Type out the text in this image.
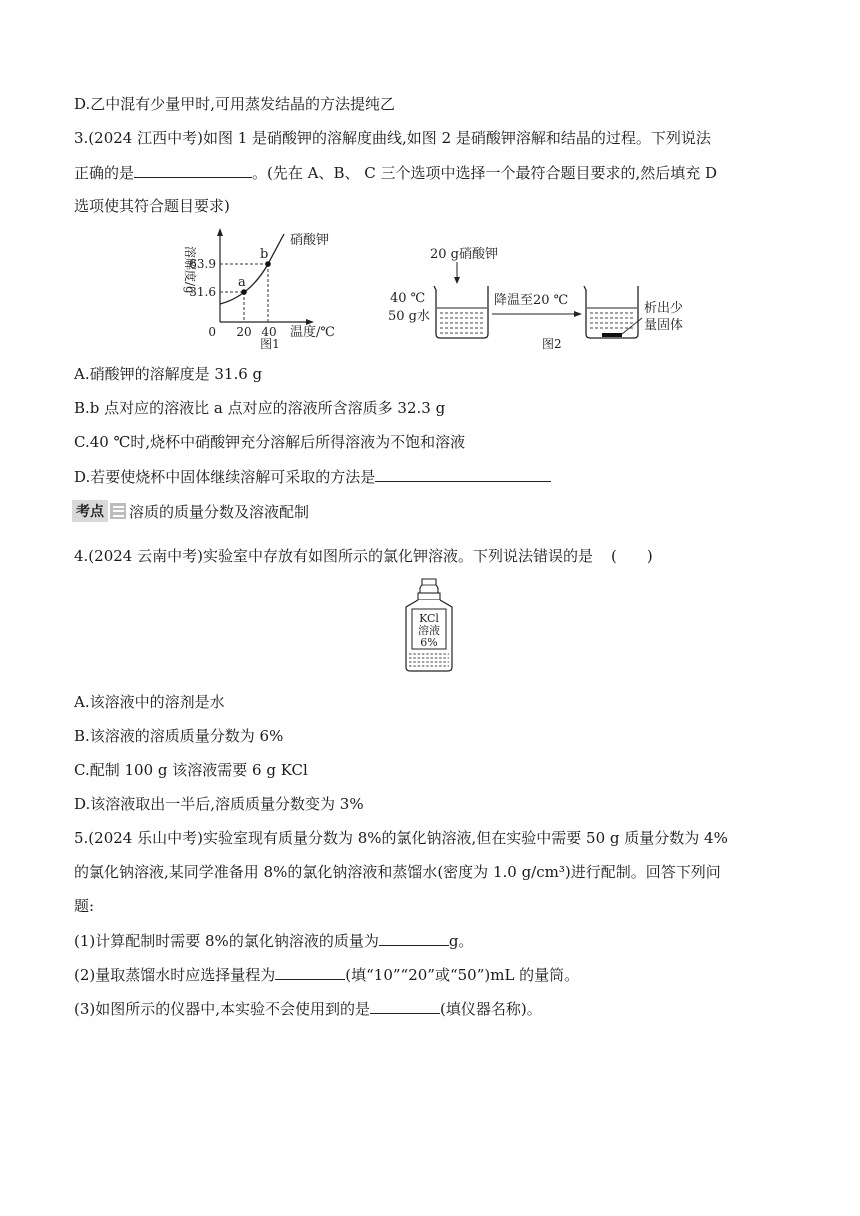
D.乙中混有少量甲时,可用蒸发结晶的方法提纯乙
3.(2024 江西中考)如图 1 是硝酸钾的溶解度曲线,如图 2 是硝酸钾溶解和结晶的过程。下列说法
正确的是	。(先在 A、B、 C 三个选项中选择一个最符合题目要求的,然后填充 D
选项使其符合题目要求)
a
b
硝酸钾
63.9
31.6
0 20 40 温度/℃
溶解度/g
图1
20 g硝酸钾
40 ℃
50 g水
降温至20 ℃
析出少
量固体
图2
A.硝酸钾的溶解度是 31.6 g
B.b 点对应的溶液比 a 点对应的溶液所含溶质多 32.3 g
C.40 ℃时,烧杯中硝酸钾充分溶解后所得溶液为不饱和溶液
D.若要使烧杯中固体继续溶解可采取的方法是
考点 溶质的质量分数及溶液配制
4.(2024 云南中考)实验室中存放有如图所示的氯化钾溶液。下列说法错误的是 (　　)
KCl
溶液
6%
A.该溶液中的溶剂是水
B.该溶液的溶质质量分数为 6%
C.配制 100 g 该溶液需要 6 g KCl
D.该溶液取出一半后,溶质质量分数变为 3%
5.(2024 乐山中考)实验室现有质量分数为 8%的氯化钠溶液,但在实验中需要 50 g 质量分数为 4%
的氯化钠溶液,某同学准备用 8%的氯化钠溶液和蒸馏水(密度为 1.0 g/cm³)进行配制。回答下列问
题:
(1)计算配制时需要 8%的氯化钠溶液的质量为	g。
(2)量取蒸馏水时应选择量程为	(填“10”“20”或“50”)mL 的量筒。
(3)如图所示的仪器中,本实验不会使用到的是	(填仪器名称)。
